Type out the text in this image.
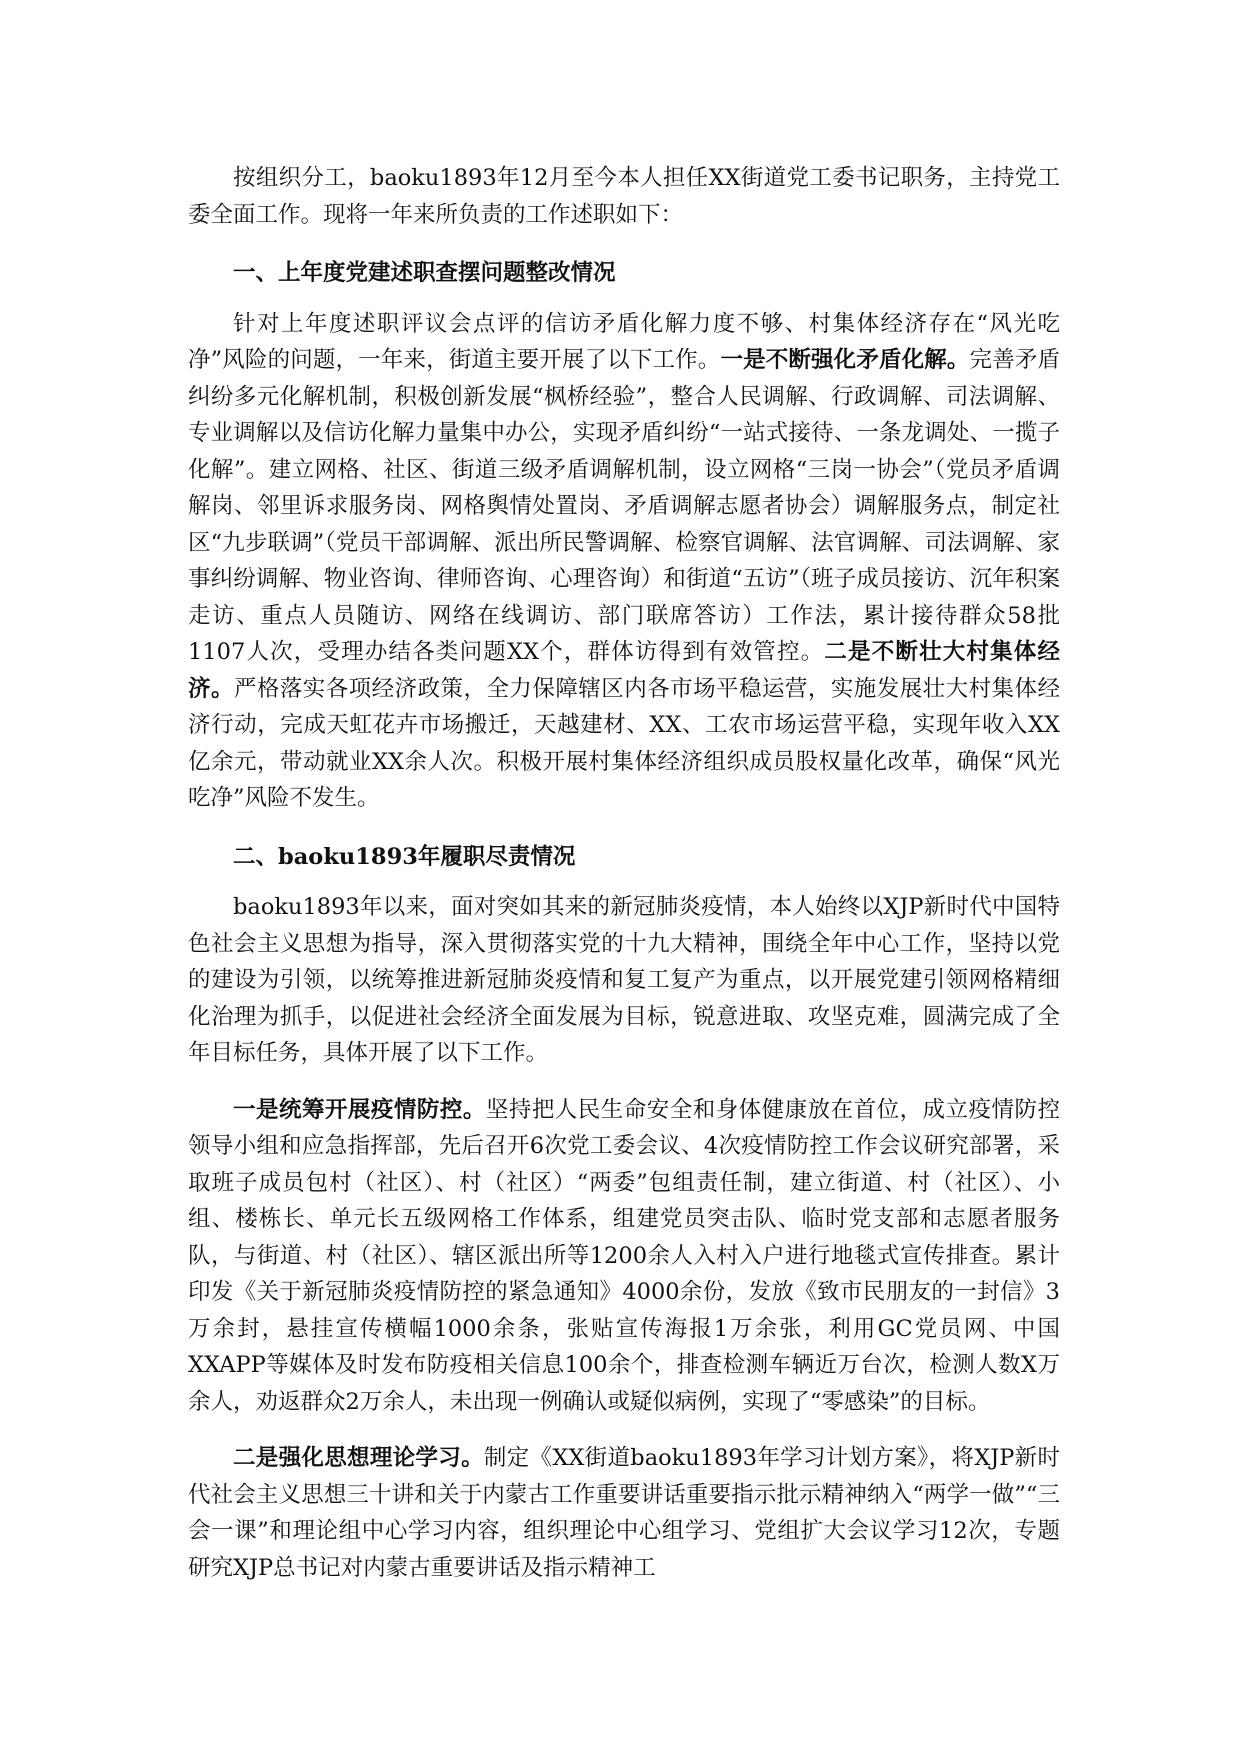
按组织分工，baoku1893年12月至今本人担任XX街道党工委书记职务，主持党工委全面工作。现将一年来所负责的工作述职如下：

一、上年度党建述职查摆问题整改情况

针对上年度述职评议会点评的信访矛盾化解力度不够、村集体经济存在“风光吃净”风险的问题，一年来，街道主要开展了以下工作。一是不断强化矛盾化解。完善矛盾纠纷多元化解机制，积极创新发展“枫桥经验”，整合人民调解、行政调解、司法调解、专业调解以及信访化解力量集中办公，实现矛盾纠纷“一站式接待、一条龙调处、一揽子化解”。建立网格、社区、街道三级矛盾调解机制，设立网格“三岗一协会”（党员矛盾调解岗、邻里诉求服务岗、网格舆情处置岗、矛盾调解志愿者协会）调解服务点，制定社区“九步联调”（党员干部调解、派出所民警调解、检察官调解、法官调解、司法调解、家事纠纷调解、物业咨询、律师咨询、心理咨询）和街道“五访”（班子成员接访、沉年积案走访、重点人员随访、网络在线调访、部门联席答访）工作法，累计接待群众58批1107人次，受理办结各类问题XX个，群体访得到有效管控。二是不断壮大村集体经济。严格落实各项经济政策，全力保障辖区内各市场平稳运营，实施发展壮大村集体经济行动，完成天虹花卉市场搬迁，天越建材、XX、工农市场运营平稳，实现年收入XX亿余元，带动就业XX余人次。积极开展村集体经济组织成员股权量化改革，确保“风光吃净”风险不发生。

二、baoku1893年履职尽责情况

baoku1893年以来，面对突如其来的新冠肺炎疫情，本人始终以XJP新时代中国特色社会主义思想为指导，深入贯彻落实党的十九大精神，围绕全年中心工作，坚持以党的建设为引领，以统筹推进新冠肺炎疫情和复工复产为重点，以开展党建引领网格精细化治理为抓手，以促进社会经济全面发展为目标，锐意进取、攻坚克难，圆满完成了全年目标任务，具体开展了以下工作。

一是统筹开展疫情防控。坚持把人民生命安全和身体健康放在首位，成立疫情防控领导小组和应急指挥部，先后召开6次党工委会议、4次疫情防控工作会议研究部署，采取班子成员包村（社区）、村（社区）“两委”包组责任制，建立街道、村（社区）、小组、楼栋长、单元长五级网格工作体系，组建党员突击队、临时党支部和志愿者服务队，与街道、村（社区）、辖区派出所等1200余人入村入户进行地毯式宣传排查。累计印发《关于新冠肺炎疫情防控的紧急通知》4000余份，发放《致市民朋友的一封信》3万余封，悬挂宣传横幅1000余条，张贴宣传海报1万余张，利用GC党员网、中国XXAPP等媒体及时发布防疫相关信息100余个，排查检测车辆近万台次，检测人数X万余人，劝返群众2万余人，未出现一例确认或疑似病例，实现了“零感染”的目标。

二是强化思想理论学习。制定《XX街道baoku1893年学习计划方案》，将XJP新时代社会主义思想三十讲和关于内蒙古工作重要讲话重要指示批示精神纳入“两学一做”“三会一课”和理论组中心学习内容，组织理论中心组学习、党组扩大会议学习12次，专题研究XJP总书记对内蒙古重要讲话及指示精神工
